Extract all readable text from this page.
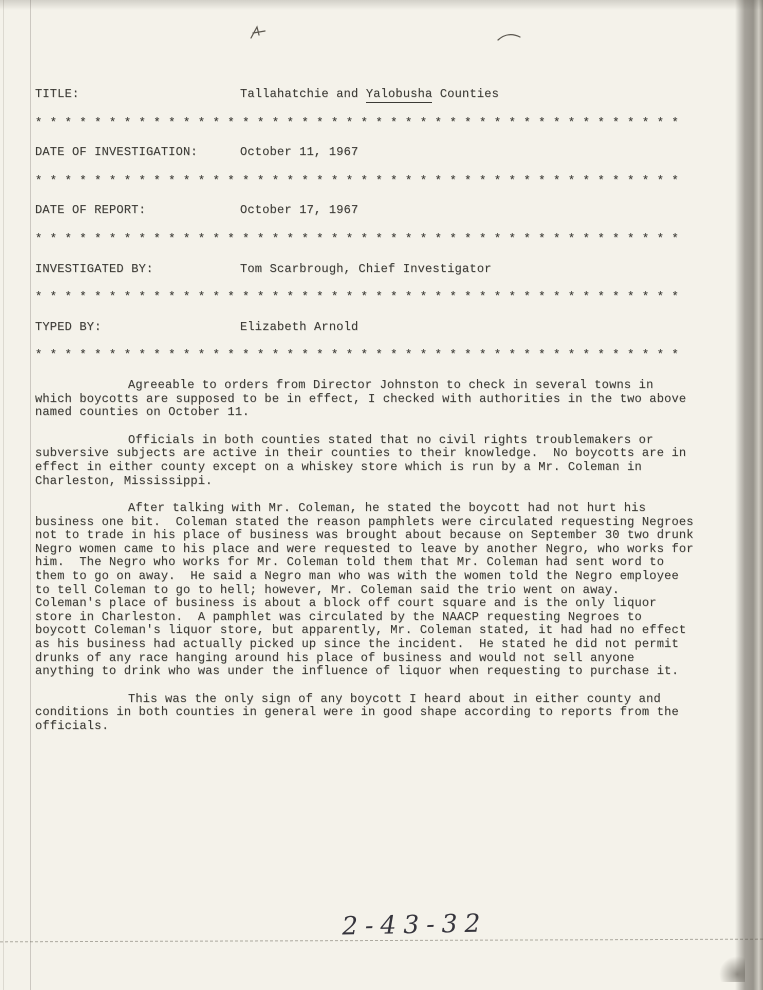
TITLE:	Tallahatchie and Yalobusha Counties
* * * * * * * * * * * * * * * * * * * * * * * * * * * * * * * * * * * * * * * * * * * *
DATE OF INVESTIGATION:	October 11, 1967
* * * * * * * * * * * * * * * * * * * * * * * * * * * * * * * * * * * * * * * * * * * *
DATE OF REPORT:	October 17, 1967
* * * * * * * * * * * * * * * * * * * * * * * * * * * * * * * * * * * * * * * * * * * *
INVESTIGATED BY:	Tom Scarbrough, Chief Investigator
* * * * * * * * * * * * * * * * * * * * * * * * * * * * * * * * * * * * * * * * * * * *
TYPED BY:	Elizabeth Arnold
* * * * * * * * * * * * * * * * * * * * * * * * * * * * * * * * * * * * * * * * * * * *

Agreeable to orders from Director Johnston to check in several towns in which boycotts are supposed to be in effect, I checked with authorities in the two above named counties on October 11.

Officials in both counties stated that no civil rights troublemakers or subversive subjects are active in their counties to their knowledge.  No boycotts are in effect in either county except on a whiskey store which is run by a Mr. Coleman in Charleston, Mississippi.

After talking with Mr. Coleman, he stated the boycott had not hurt his business one bit.  Coleman stated the reason pamphlets were circulated requesting Negroes not to trade in his place of business was brought about because on September 30 two drunk Negro women came to his place and were requested to leave by another Negro, who works for him.  The Negro who works for Mr. Coleman told them that Mr. Coleman had sent word to them to go on away.  He said a Negro man who was with the women told the Negro employee to tell Coleman to go to hell; however, Mr. Coleman said the trio went on away.  Coleman's place of business is about a block off court square and is the only liquor store in Charleston.  A pamphlet was circulated by the NAACP requesting Negroes to boycott Coleman's liquor store, but apparently, Mr. Coleman stated, it had had no effect as his business had actually picked up since the incident.  He stated he did not permit drunks of any race hanging around his place of business and would not sell anyone anything to drink who was under the influence of liquor when requesting to purchase it.

This was the only sign of any boycott I heard about in either county and conditions in both counties in general were in good shape according to reports from the officials.

2-43-32
